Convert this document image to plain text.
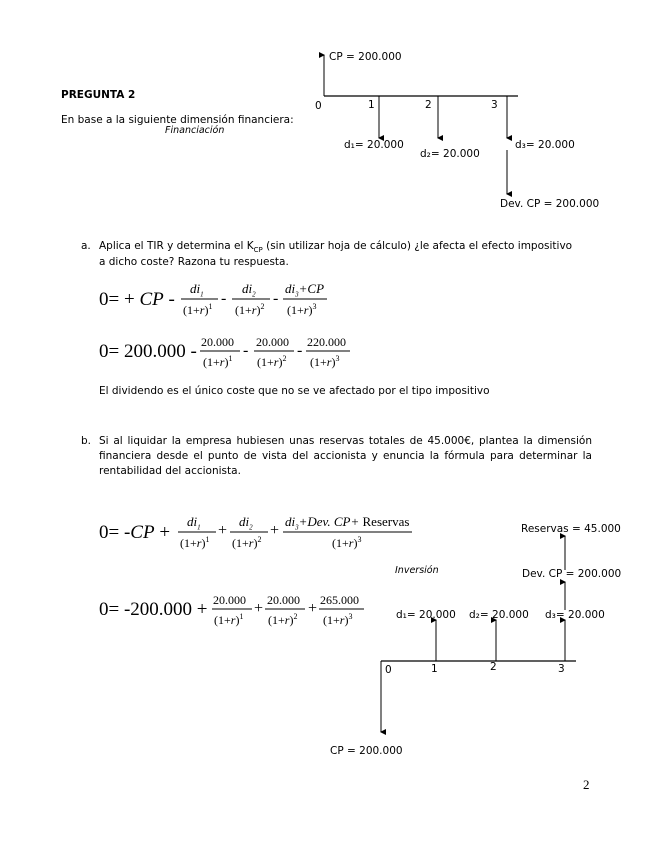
PREGUNTA 2
En base a la siguiente dimensión financiera:
Financiación
CP = 200.000
0	1	2	3
d₁= 20.000
d₂= 20.000
d₃= 20.000
Dev. CP = 200.000
a. Aplica el TIR y determina el $K_{CP}$ (sin utilizar hoja de cálculo) ¿le afecta el efecto impositivo
a dicho coste? Razona tu respuesta.
0= + CP -
$di_1$
$(1+r)^1$ -
$di_2$
$(1+r)^2$ -
$di_3+CP$
$(1+r)^3$
0= 200.000 - 20.000
$(1+r)^1 - 20.000$
$(1+r)^2 - 220.000$
$(1+r)^3$
El dividendo es el único coste que no se ve afectado por el tipo impositivo
b. Si al liquidar la empresa hubiesen unas reservas totales de 45.000€, plantea la dimensión financiera desde el punto de vista del accionista y enuncia la fórmula para determinar la rentabilidad del accionista.
0= -CP +
$di_1$
$(1+r)^1$
+
$di_2$
$(1+r)^2$
+
$di_3+Dev$. CP+ Reservas
$(1+r)^3$
0= -200.000 + 20.000
$(1+r)^1 + 20.000$
$(1+r)^2 + 265.000$
$(1+r)^3$
Inversión
Reservas = 45.000
Dev. CP = 200.000
d₁= 20.000 d₂= 20.000 d₃= 20.000
0	1	2	3
CP = 200.000
2
